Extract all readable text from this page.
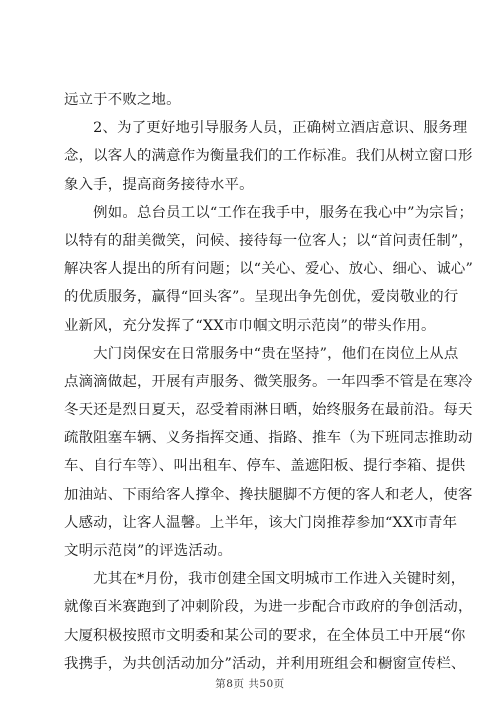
远立于不败之地。
　　2、为了更好地引导服务人员，正确树立酒店意识、服务理
念，以客人的满意作为衡量我们的工作标准。我们从树立窗口形
象入手，提高商务接待水平。
　　例如。总台员工以“工作在我手中，服务在我心中”为宗旨；
以特有的甜美微笑，问候、接待每一位客人；以“首问责任制”，
解决客人提出的所有问题；以“关心、爱心、放心、细心、诚心”
的优质服务，赢得“回头客”。呈现出争先创优，爱岗敬业的行
业新风，充分发挥了“XX市巾帼文明示范岗”的带头作用。
　　大门岗保安在日常服务中“贵在坚持”，他们在岗位上从点
点滴滴做起，开展有声服务、微笑服务。一年四季不管是在寒冷
冬天还是烈日夏天，忍受着雨淋日晒，始终服务在最前沿。每天
疏散阻塞车辆、义务指挥交通、指路、推车（为下班同志推助动
车、自行车等）、叫出租车、停车、盖遮阳板、提行李箱、提供
加油站、下雨给客人撑伞、搀扶腿脚不方便的客人和老人，使客
人感动，让客人温馨。上半年，该大门岗推荐参加“XX市青年
文明示范岗”的评选活动。
　　尤其在*月份，我市创建全国文明城市工作进入关键时刻，
就像百米赛跑到了冲刺阶段，为进一步配合市政府的争创活动，
大厦积极按照市文明委和某公司的要求，在全体员工中开展“你
我携手，为共创活动加分”活动，并利用班组会和橱窗宣传栏、
第8页 共50页
